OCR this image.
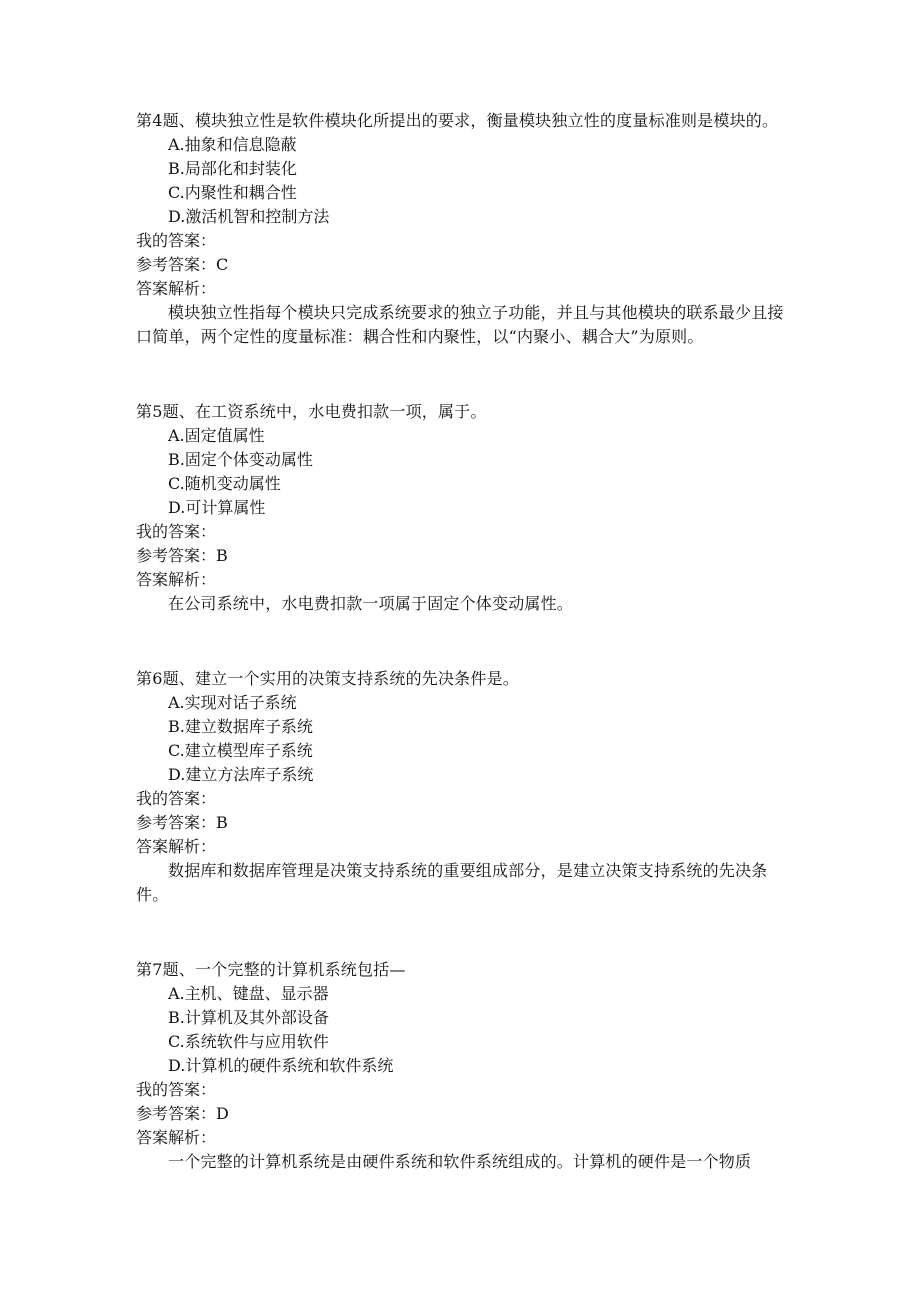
第4题、模块独立性是软件模块化所提出的要求，衡量模块独立性的度量标准则是模块的。

A.抽象和信息隐蔽

B.局部化和封装化

C.内聚性和耦合性

D.激活机智和控制方法

我的答案：

参考答案： C

答案解析：

模块独立性指每个模块只完成系统要求的独立子功能，并且与其他模块的联系最少且接口简单，两个定性的度量标准：耦合性和内聚性，以“内聚小、耦合大”为原则。

第5题、在工资系统中，水电费扣款一项，属于。

A.固定值属性

B.固定个体变动属性

C.随机变动属性

D.可计算属性

我的答案：

参考答案： B

答案解析：

在公司系统中，水电费扣款一项属于固定个体变动属性。

第6题、建立一个实用的决策支持系统的先决条件是。

A.实现对话子系统

B.建立数据库子系统

C.建立模型库子系统

D.建立方法库子系统

我的答案：

参考答案： B

答案解析：

数据库和数据库管理是决策支持系统的重要组成部分，是建立决策支持系统的先决条件。

第7题、一个完整的计算机系统包括—

A.主机、键盘、显示器

B.计算机及其外部设备

C.系统软件与应用软件

D.计算机的硬件系统和软件系统

我的答案：

参考答案： D

答案解析：

一个完整的计算机系统是由硬件系统和软件系统组成的。计算机的硬件是一个物质
